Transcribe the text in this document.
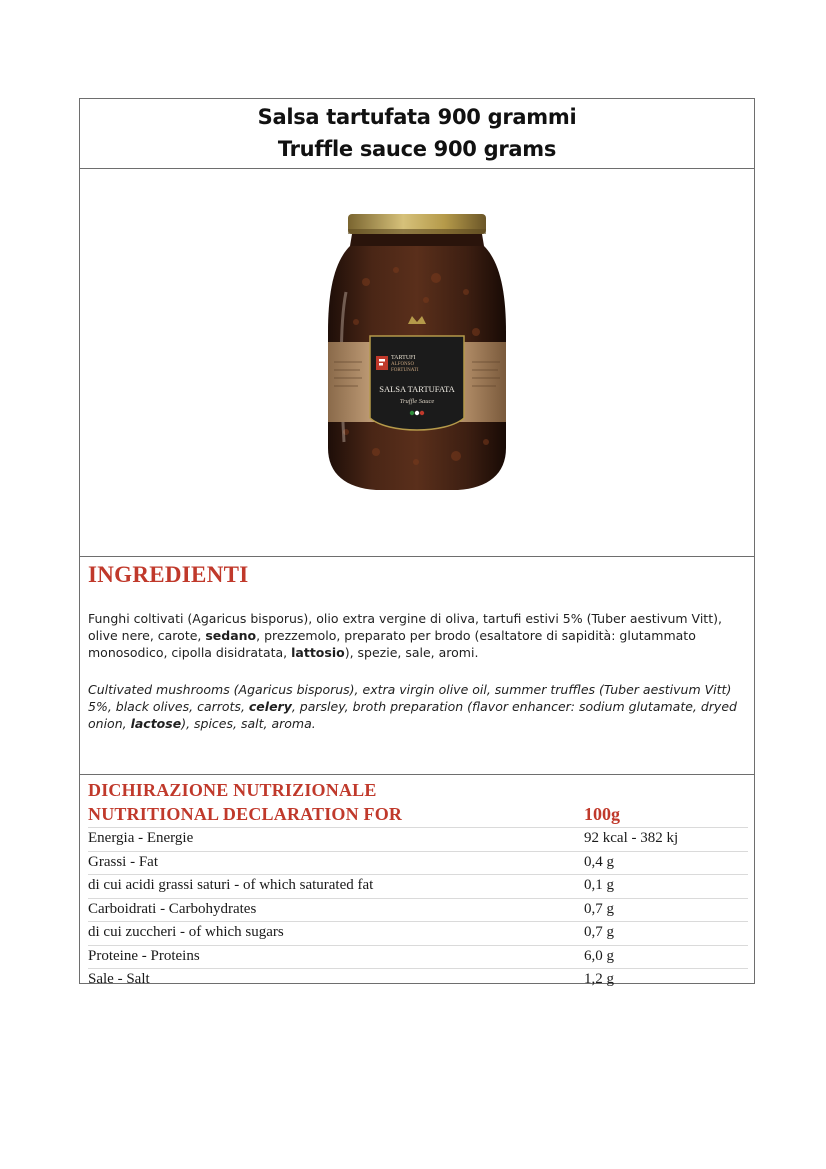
Salsa tartufata 900 grammi
Truffle sauce 900 grams
TARTUFI
ALFONSO
FORTUNATI
SALSA TARTUFATA
Truffle Sauce
INGREDIENTI

Funghi coltivati (Agaricus bisporus), olio extra vergine di oliva, tartufi estivi 5% (Tuber aestivum Vitt), olive nere, carote, sedano, prezzemolo, preparato per brodo (esaltatore di sapidità: glutammato monosodico, cipolla disidratata, lattosio), spezie, sale, aromi.

Cultivated mushrooms (Agaricus bisporus), extra virgin olive oil, summer truffles (Tuber aestivum Vitt) 5%, black olives, carrots, celery, parsley, broth preparation (flavor enhancer: sodium glutamate, dryed onion, lactose), spices, salt, aroma.

DICHIRAZIONE NUTRIZIONALE
NUTRITIONAL DECLARATION FOR	100g
Energia - Energie	92 kcal - 382 kj
Grassi - Fat	0,4 g
di cui acidi grassi saturi - of which saturated fat	0,1 g
Carboidrati - Carbohydrates	0,7 g
di cui zuccheri - of which sugars	0,7 g
Proteine - Proteins	6,0 g
Sale - Salt	1,2 g
